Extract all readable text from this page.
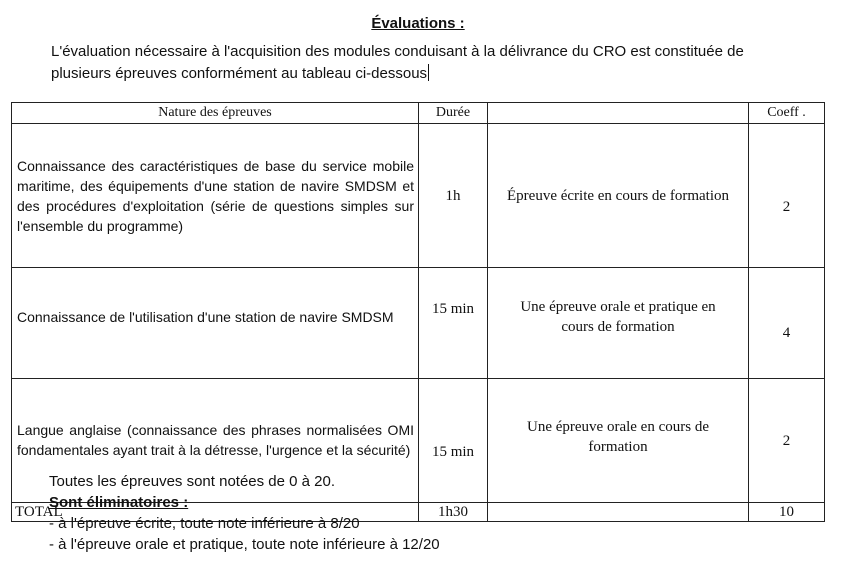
Évaluations :
L'évaluation nécessaire à l'acquisition des modules conduisant à la délivrance du CRO est constituée de
plusieurs épreuves conformément au tableau ci-dessous
Nature des épreuves	Durée		Coeff .
Connaissance des caractéristiques de base du service mobile maritime, des équipements d'une station de navire SMDSM et des procédures d'exploitation (série de questions simples sur l'ensemble du programme)	1h	Épreuve écrite en cours de formation	2
Connaissance de l'utilisation d'une station de navire SMDSM	15 min	Une épreuve orale et pratique en cours de formation	4
Langue anglaise (connaissance des phrases normalisées OMI fondamentales ayant trait à la détresse, l'urgence et la sécurité)	15 min	Une épreuve orale en cours de formation	2
TOTAL	1h30		10
Toutes les épreuves sont notées de 0 à 20.
Sont éliminatoires :
- à l'épreuve écrite, toute note inférieure à 8/20
- à l'épreuve orale et pratique, toute note inférieure à 12/20
